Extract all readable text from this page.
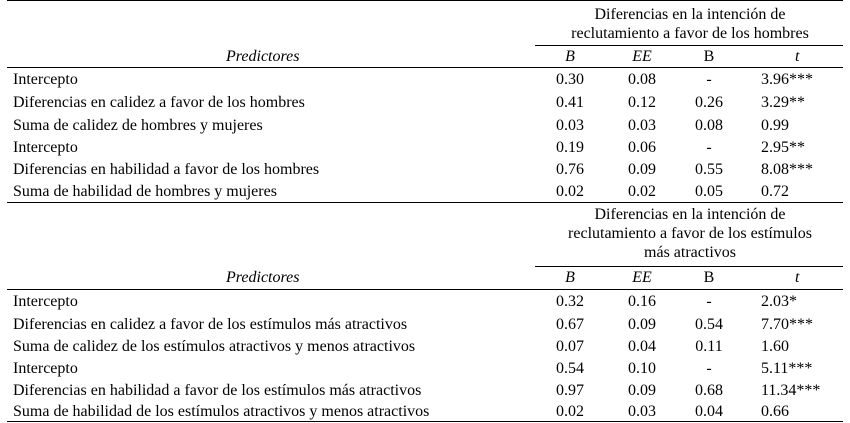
Diferencias en la intención de
reclutamiento a favor de los hombres
Predictores	B	EE	Β	t
Intercepto	0.30	0.08	-	3.96***
Diferencias en calidez a favor de los hombres	0.41	0.12	0.26	3.29**
Suma de calidez de hombres y mujeres	0.03	0.03	0.08	0.99
Intercepto	0.19	0.06	-	2.95**
Diferencias en habilidad a favor de los hombres	0.76	0.09	0.55	8.08***
Suma de habilidad de hombres y mujeres	0.02	0.02	0.05	0.72
Diferencias en la intención de
reclutamiento a favor de los estímulos
más atractivos
Predictores	B	EE	Β	t
Intercepto	0.32	0.16	-	2.03*
Diferencias en calidez a favor de los estímulos más atractivos	0.67	0.09	0.54	7.70***
Suma de calidez de los estímulos atractivos y menos atractivos	0.07	0.04	0.11	1.60
Intercepto	0.54	0.10	-	5.11***
Diferencias en habilidad a favor de los estímulos más atractivos	0.97	0.09	0.68	11.34***
Suma de habilidad de los estímulos atractivos y menos atractivos	0.02	0.03	0.04	0.66
